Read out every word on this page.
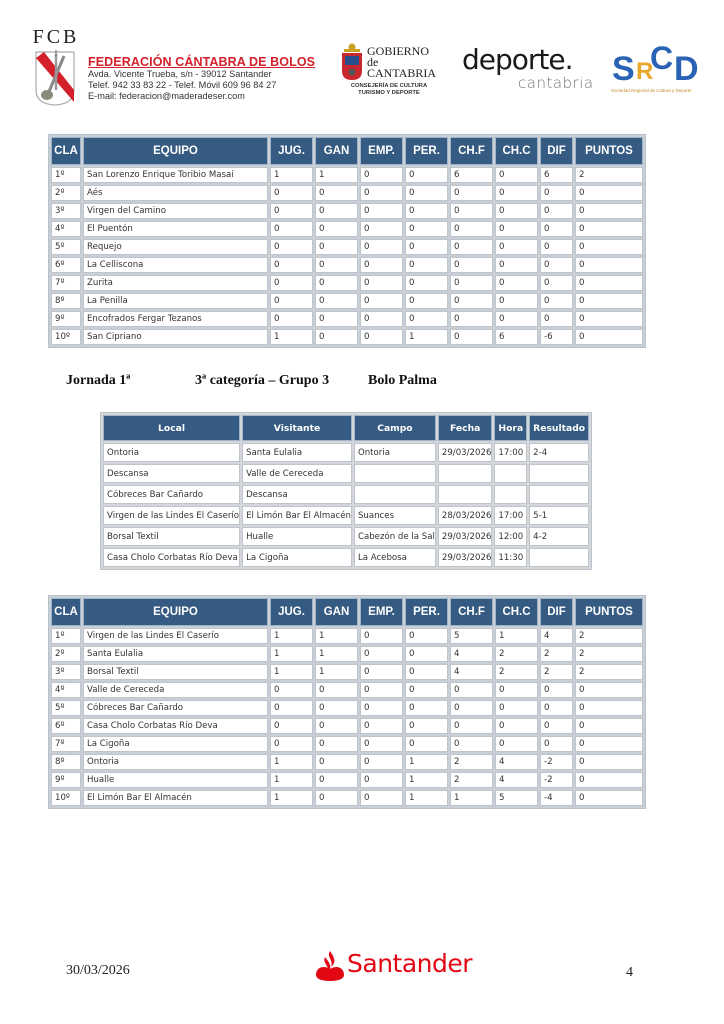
FCB
FEDERACIÓN CÁNTABRA DE BOLOS
Avda. Vicente Trueba, s/n - 39012 Santander
Telef. 942 33 83 22 - Telef. Móvil 609 96 84 27
E-mail: federacion@maderadeser.com
GOBIERNO
de
CANTABRIA
CONSEJERÍA DE CULTURA
TURISMO Y DEPORTE
deporte.
cantabria S R
C D
Sociedad Regional de Cultura y Deporte
CLA	EQUIPO	JUG.	GAN	EMP.	PER.	CH.F	CH.C	DIF	PUNTOS
1º	San Lorenzo Enrique Toribio Masai	1	1	0	0	6	0	6	2
2º	Aés	0	0	0	0	0	0	0	0
3º	Virgen del Camino	0	0	0	0	0	0	0	0
4º	El Puentón	0	0	0	0	0	0	0	0
5º	Requejo	0	0	0	0	0	0	0	0
6º	La Celliscona	0	0	0	0	0	0	0	0
7º	Zurita	0	0	0	0	0	0	0	0
8º	La Penilla	0	0	0	0	0	0	0	0
9º	Encofrados Fergar Tezanos	0	0	0	0	0	0	0	0
10º	San Cipriano	1	0	0	1	0	6	-6	0
Jornada 1ª	3ª categoría – Grupo 3	Bolo Palma
Local	Visitante	Campo	Fecha	Hora	Resultado
Ontoria	Santa Eulalia	Ontoria	29/03/2026	17:00	2-4
Descansa	Valle de Cereceda				
Cóbreces Bar Cañardo	Descansa				
Virgen de las Lindes El Caserío	El Limón Bar El Almacén	Suances	28/03/2026	17:00	5-1
Borsal Textil	Hualle	Cabezón de la Sal	29/03/2026	12:00	4-2
Casa Cholo Corbatas Río Deva	La Cigoña	La Acebosa	29/03/2026	11:30	
CLA	EQUIPO	JUG.	GAN	EMP.	PER.	CH.F	CH.C	DIF	PUNTOS
1º	Virgen de las Lindes El Caserío	1	1	0	0	5	1	4	2
2º	Santa Eulalia	1	1	0	0	4	2	2	2
3º	Borsal Textil	1	1	0	0	4	2	2	2
4º	Valle de Cereceda	0	0	0	0	0	0	0	0
5º	Cóbreces Bar Cañardo	0	0	0	0	0	0	0	0
6º	Casa Cholo Corbatas Río Deva	0	0	0	0	0	0	0	0
7º	La Cigoña	0	0	0	0	0	0	0	0
8º	Ontoria	1	0	0	1	2	4	-2	0
9º	Hualle	1	0	0	1	2	4	-2	0
10º	El Limón Bar El Almacén	1	0	0	1	1	5	-4	0
30/03/2026	Santander	4
